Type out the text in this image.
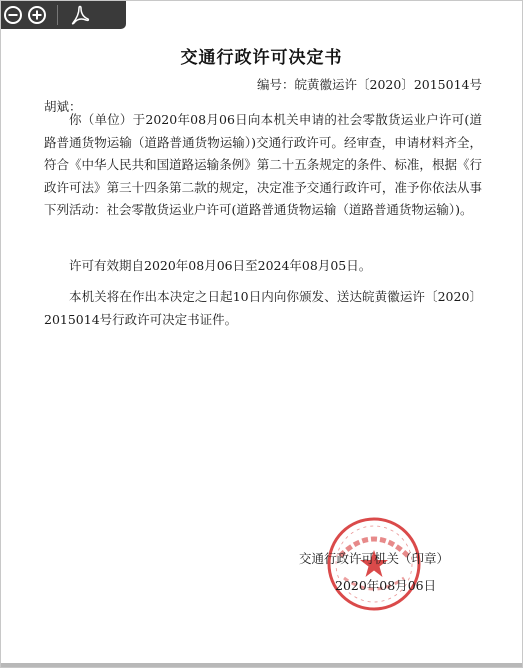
交通行政许可决定书
编号：皖黄徽运许〔2020〕2015014号
胡斌：
你（单位）于2020年08月06日向本机关申请的社会零散货运业户许可(道路普通货物运输（道路普通货物运输）)交通行政许可。经审查，申请材料齐全，符合《中华人民共和国道路运输条例》第二十五条规定的条件、标准，根据《行政许可法》第三十四条第二款的规定，决定准予交通行政许可，准予你依法从事下列活动：社会零散货运业户许可(道路普通货物运输（道路普通货物运输）)。
许可有效期自2020年08月06日至2024年08月05日。
本机关将在作出本决定之日起10日内向你颁发、送达皖黄徽运许〔2020〕2015014号行政许可决定书证件。
交通行政许可机关（印章）
2020年08月06日
